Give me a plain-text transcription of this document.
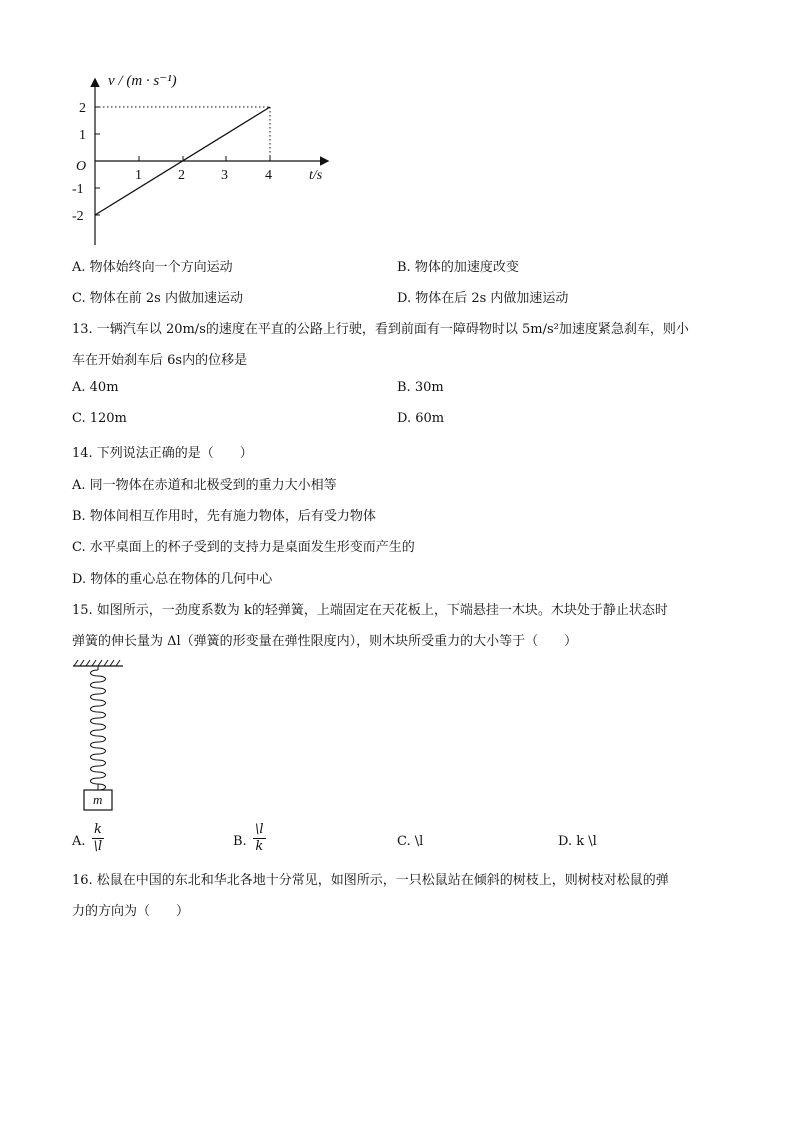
v / (m · s⁻¹)
t/s
O
1	2	3	4
2
1
-1
-2
A. 物体始终向一个方向运动	B. 物体的加速度改变
C. 物体在前 2s 内做加速运动	D. 物体在后 2s 内做加速运动
13. 一辆汽车以 20m/s的速度在平直的公路上行驶，看到前面有一障碍物时以 5m/s²加速度紧急刹车，则小
车在开始刹车后 6s内的位移是
A. 40m	B. 30m
C. 120m	D. 60m
14. 下列说法正确的是（　　）
A. 同一物体在赤道和北极受到的重力大小相等
B. 物体间相互作用时，先有施力物体，后有受力物体
C. 水平桌面上的杯子受到的支持力是桌面发生形变而产生的
D. 物体的重心总在物体的几何中心
15. 如图所示，一劲度系数为 k的轻弹簧，上端固定在天花板上，下端悬挂一木块。木块处于静止状态时
弹簧的伸长量为 Δl（弹簧的形变量在弹性限度内），则木块所受重力的大小等于（　　）
m
A. $\frac{k}{\backslash l}$	B. $\frac{\backslash l}{k}$	C. \l	D. k \l
16. 松鼠在中国的东北和华北各地十分常见，如图所示，一只松鼠站在倾斜的树枝上，则树枝对松鼠的弹
力的方向为（　　）
